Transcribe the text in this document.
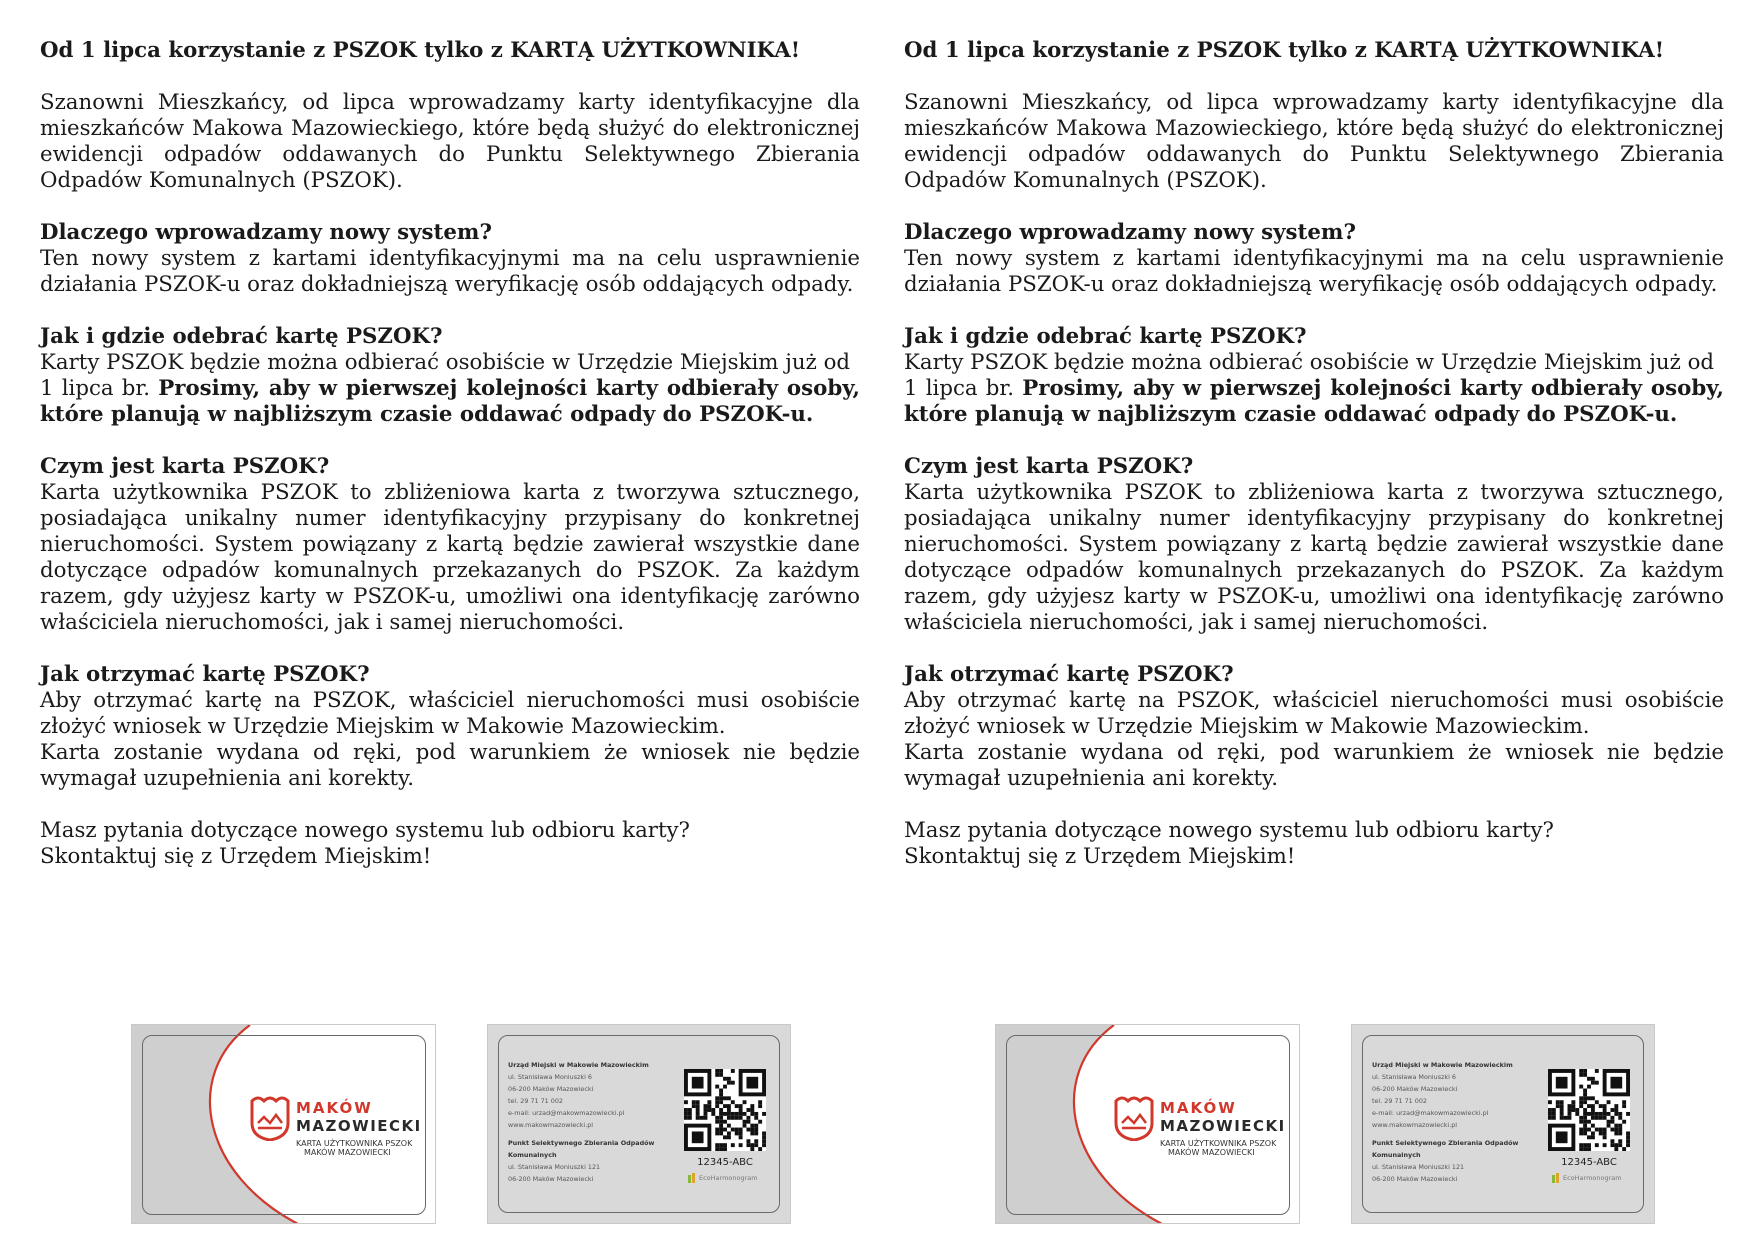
Od 1 lipca korzystanie z PSZOK tylko z KARTĄ UŻYTKOWNIKA!

Szanowni Mieszkańcy, od lipca wprowadzamy karty identyfikacyjne dla mieszkańców Makowa Mazowieckiego, które będą służyć do elektronicznej ewidencji odpadów oddawanych do Punktu Selektywnego Zbierania Odpadów Komunalnych (PSZOK).

Dlaczego wprowadzamy nowy system?

Ten nowy system z kartami identyfikacyjnymi ma na celu usprawnienie działania PSZOK-u oraz dokładniejszą weryfikację osób oddających odpady.

Jak i gdzie odebrać kartę PSZOK?

Karty PSZOK będzie można odbierać osobiście w Urzędzie Miejskim już od

1 lipca br. Prosimy, aby w pierwszej kolejności karty odbierały osoby, które planują w najbliższym czasie oddawać odpady do PSZOK-u.

Czym jest karta PSZOK?

Karta użytkownika PSZOK to zbliżeniowa karta z tworzywa sztucznego, posiadająca unikalny numer identyfikacyjny przypisany do konkretnej nieruchomości. System powiązany z kartą będzie zawierał wszystkie dane dotyczące odpadów komunalnych przekazanych do PSZOK. Za każdym razem, gdy użyjesz karty w PSZOK-u, umożliwi ona identyfikację zarówno właściciela nieruchomości, jak i samej nieruchomości.

Jak otrzymać kartę PSZOK?

Aby otrzymać kartę na PSZOK, właściciel nieruchomości musi osobiście złożyć wniosek w Urzędzie Miejskim w Makowie Mazowieckim.

Karta zostanie wydana od ręki, pod warunkiem że wniosek nie będzie wymagał uzupełnienia ani korekty.

Masz pytania dotyczące nowego systemu lub odbioru karty?

Skontaktuj się z Urzędem Miejskim!

Od 1 lipca korzystanie z PSZOK tylko z KARTĄ UŻYTKOWNIKA!

Szanowni Mieszkańcy, od lipca wprowadzamy karty identyfikacyjne dla mieszkańców Makowa Mazowieckiego, które będą służyć do elektronicznej ewidencji odpadów oddawanych do Punktu Selektywnego Zbierania Odpadów Komunalnych (PSZOK).

Dlaczego wprowadzamy nowy system?

Ten nowy system z kartami identyfikacyjnymi ma na celu usprawnienie działania PSZOK-u oraz dokładniejszą weryfikację osób oddających odpady.

Jak i gdzie odebrać kartę PSZOK?

Karty PSZOK będzie można odbierać osobiście w Urzędzie Miejskim już od

1 lipca br. Prosimy, aby w pierwszej kolejności karty odbierały osoby, które planują w najbliższym czasie oddawać odpady do PSZOK-u.

Czym jest karta PSZOK?

Karta użytkownika PSZOK to zbliżeniowa karta z tworzywa sztucznego, posiadająca unikalny numer identyfikacyjny przypisany do konkretnej nieruchomości. System powiązany z kartą będzie zawierał wszystkie dane dotyczące odpadów komunalnych przekazanych do PSZOK. Za każdym razem, gdy użyjesz karty w PSZOK-u, umożliwi ona identyfikację zarówno właściciela nieruchomości, jak i samej nieruchomości.

Jak otrzymać kartę PSZOK?

Aby otrzymać kartę na PSZOK, właściciel nieruchomości musi osobiście złożyć wniosek w Urzędzie Miejskim w Makowie Mazowieckim.

Karta zostanie wydana od ręki, pod warunkiem że wniosek nie będzie wymagał uzupełnienia ani korekty.

Masz pytania dotyczące nowego systemu lub odbioru karty?

Skontaktuj się z Urzędem Miejskim!

MAKÓW
MAZOWIECKI
KARTA UŻYTKOWNIKA PSZOK
MAKÓW MAZOWIECKI
Urząd Miejski w Makowie Mazowieckim
ul. Stanisława Moniuszki 6
06-200 Maków Mazowiecki
tel. 29 71 71 002
e-mail: urzad@makowmazowiecki.pl
www.makowmazowiecki.pl
Punkt Selektywnego Zbierania Odpadów
Komunalnych
ul. Stanisława Moniuszki 121
06-200 Maków Mazowiecki
12345-ABC
EcoHarmonogram
MAKÓW
MAZOWIECKI
KARTA UŻYTKOWNIKA PSZOK
MAKÓW MAZOWIECKI
Urząd Miejski w Makowie Mazowieckim
ul. Stanisława Moniuszki 6
06-200 Maków Mazowiecki
tel. 29 71 71 002
e-mail: urzad@makowmazowiecki.pl
www.makowmazowiecki.pl
Punkt Selektywnego Zbierania Odpadów
Komunalnych
ul. Stanisława Moniuszki 121
06-200 Maków Mazowiecki
12345-ABC
EcoHarmonogram
